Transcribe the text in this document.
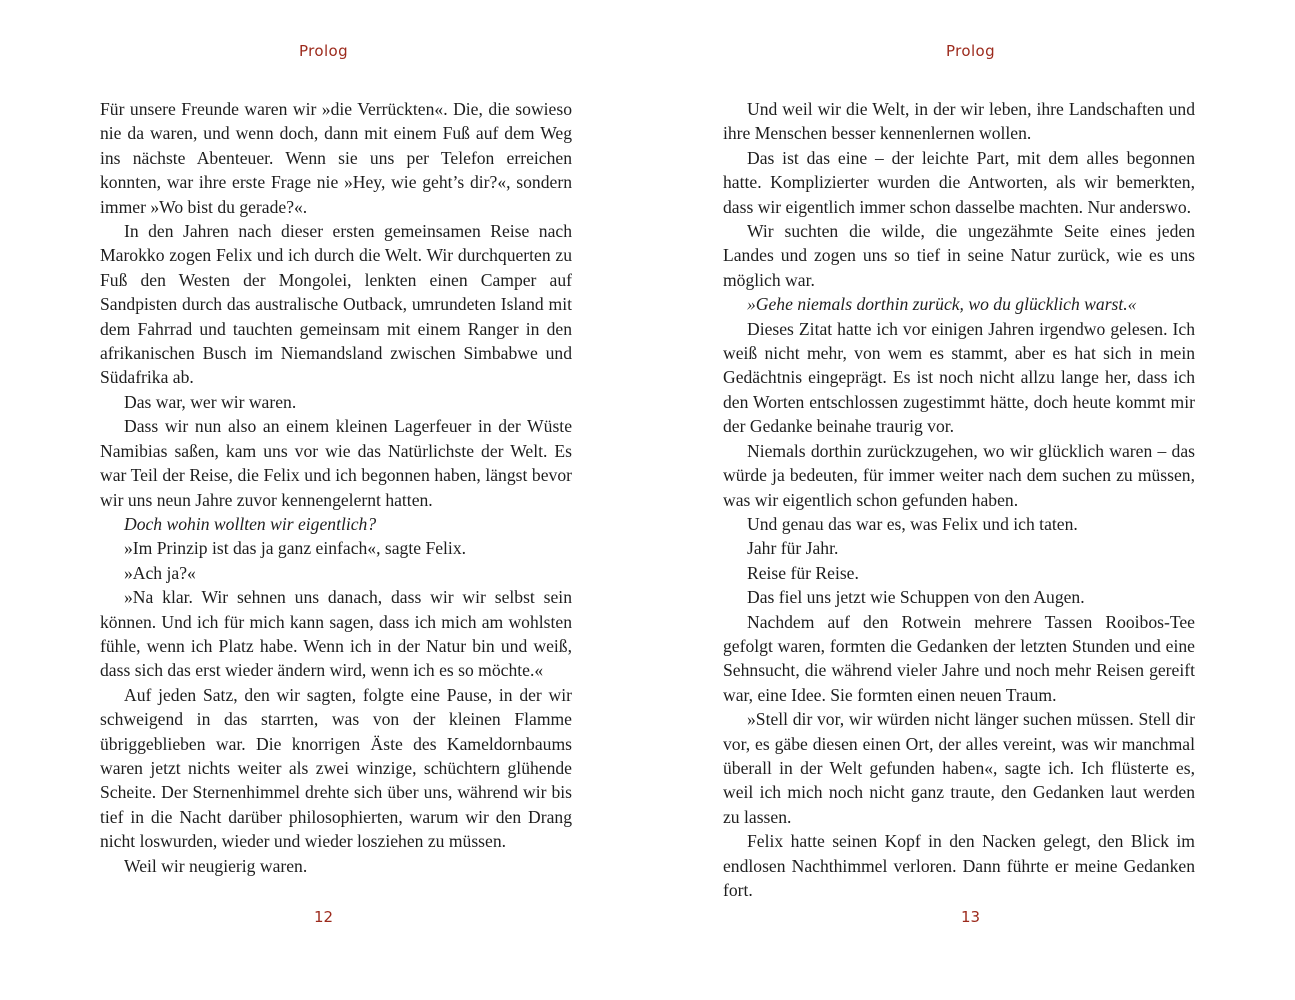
Prolog

Für unsere Freunde waren wir »die Verrückten«. Die, die sowieso nie da waren, und wenn doch, dann mit einem Fuß auf dem Weg ins nächste Abenteuer. Wenn sie uns per Telefon erreichen konnten, war ihre erste Frage nie »Hey, wie geht’s dir?«, sondern immer »Wo bist du gerade?«.

In den Jahren nach dieser ersten gemeinsamen Reise nach Marokko zogen Felix und ich durch die Welt. Wir durchquerten zu Fuß den Westen der Mongolei, lenkten einen Camper auf Sandpisten durch das australische Outback, umrundeten Island mit dem Fahrrad und tauchten gemeinsam mit einem Ranger in den afrikanischen Busch im Niemandsland zwischen Simbabwe und Südafrika ab.

Das war, wer wir waren.

Dass wir nun also an einem kleinen Lagerfeuer in der Wüste Namibias saßen, kam uns vor wie das Natürlichste der Welt. Es war Teil der Reise, die Felix und ich begonnen haben, längst bevor wir uns neun Jahre zuvor kennengelernt hatten.

Doch wohin wollten wir eigentlich?

»Im Prinzip ist das ja ganz einfach«, sagte Felix.

»Ach ja?«

»Na klar. Wir sehnen uns danach, dass wir wir selbst sein können. Und ich für mich kann sagen, dass ich mich am wohlsten fühle, wenn ich Platz habe. Wenn ich in der Natur bin und weiß, dass sich das erst wieder ändern wird, wenn ich es so möchte.«

Auf jeden Satz, den wir sagten, folgte eine Pause, in der wir schweigend in das starrten, was von der kleinen Flamme übriggeblieben war. Die knorrigen Äste des Kameldornbaums waren jetzt nichts weiter als zwei winzige, schüchtern glühende Scheite. Der Sternenhimmel drehte sich über uns, während wir bis tief in die Nacht darüber philosophierten, warum wir den Drang nicht loswurden, wieder und wieder losziehen zu müssen.

Weil wir neugierig waren.

12
Prolog

Und weil wir die Welt, in der wir leben, ihre Landschaften und ihre Menschen besser kennenlernen wollen.

Das ist das eine – der leichte Part, mit dem alles begonnen hatte. Komplizierter wurden die Antworten, als wir bemerkten, dass wir eigentlich immer schon dasselbe machten. Nur anderswo.

Wir suchten die wilde, die ungezähmte Seite eines jeden Landes und zogen uns so tief in seine Natur zurück, wie es uns möglich war.

»Gehe niemals dorthin zurück, wo du glücklich warst.«

Dieses Zitat hatte ich vor einigen Jahren irgendwo gelesen. Ich weiß nicht mehr, von wem es stammt, aber es hat sich in mein Gedächtnis eingeprägt. Es ist noch nicht allzu lange her, dass ich den Worten entschlossen zugestimmt hätte, doch heute kommt mir der Gedanke beinahe traurig vor.

Niemals dorthin zurückzugehen, wo wir glücklich waren – das würde ja bedeuten, für immer weiter nach dem suchen zu müssen, was wir eigentlich schon gefunden haben.

Und genau das war es, was Felix und ich taten.

Jahr für Jahr.

Reise für Reise.

Das fiel uns jetzt wie Schuppen von den Augen.

Nachdem auf den Rotwein mehrere Tassen Rooibos-Tee gefolgt waren, formten die Gedanken der letzten Stunden und eine Sehnsucht, die während vieler Jahre und noch mehr Reisen gereift war, eine Idee. Sie formten einen neuen Traum.

»Stell dir vor, wir würden nicht länger suchen müssen. Stell dir vor, es gäbe diesen einen Ort, der alles vereint, was wir manchmal überall in der Welt gefunden haben«, sagte ich. Ich flüsterte es, weil ich mich noch nicht ganz traute, den Gedanken laut werden zu lassen.

Felix hatte seinen Kopf in den Nacken gelegt, den Blick im endlosen Nachthimmel verloren. Dann führte er meine Gedanken fort.

13
